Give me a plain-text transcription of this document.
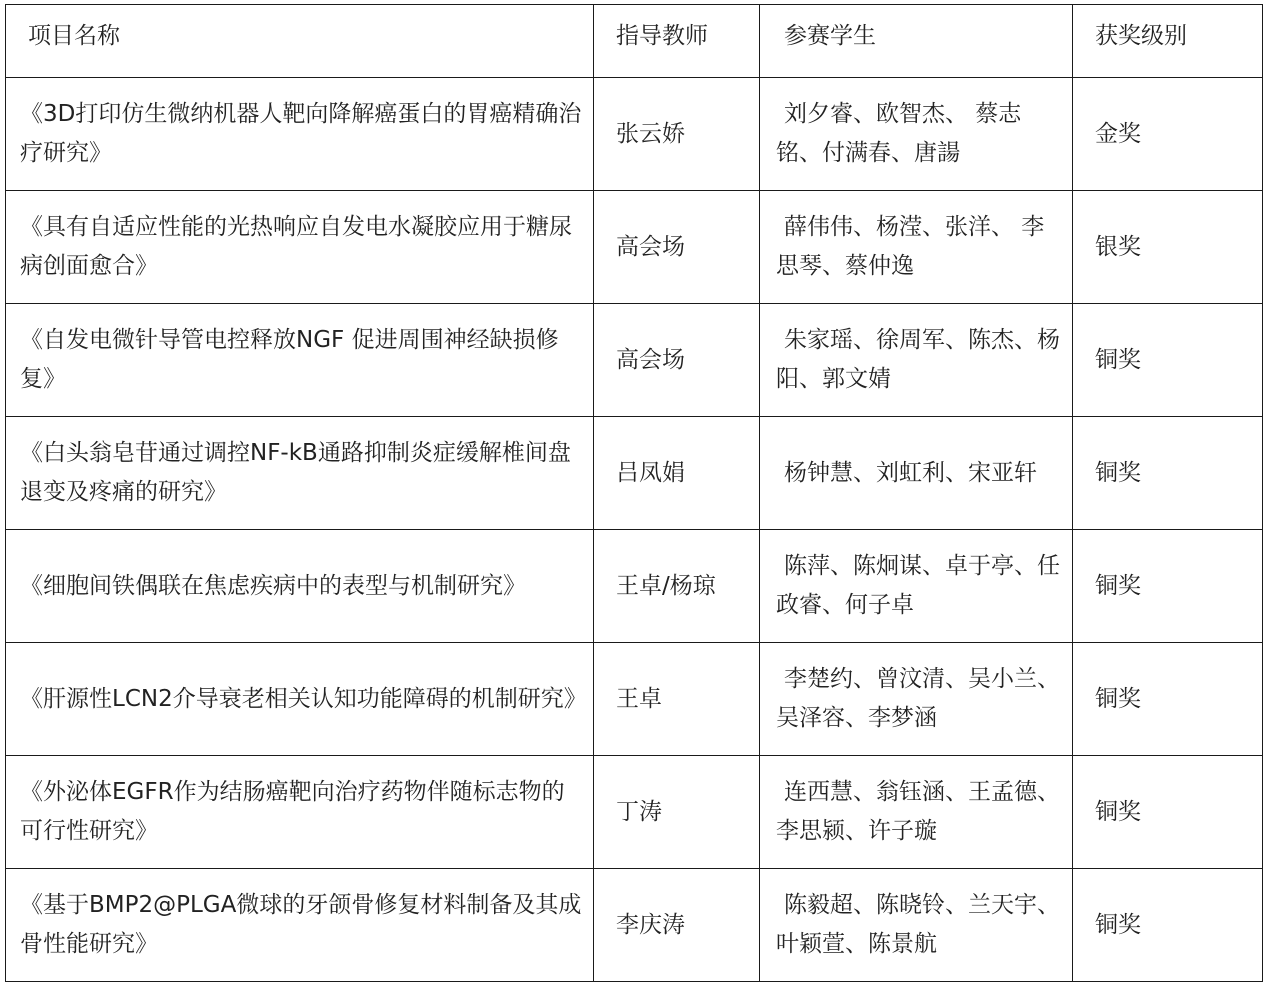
项目名称	指导教师	参赛学生	获奖级别

《3D打印仿生微纳机器人靶向降解癌蛋白的胃癌精确治疗研究》	张云娇	刘夕睿、欧智杰、 蔡志铭、付满春、唐諹	金奖

《具有自适应性能的光热响应自发电水凝胶应用于糖尿病创面愈合》	高会场	薛伟伟、杨滢、张洋、 李思琴、蔡仲逸	银奖

《自发电微针导管电控释放NGF 促进周围神经缺损修复》	高会场	朱家瑶、徐周军、陈杰、杨阳、郭文婧	铜奖

《白头翁皂苷通过调控NF-kB通路抑制炎症缓解椎间盘退变及疼痛的研究》	吕凤娟	杨钟慧、刘虹利、宋亚轩	铜奖

《细胞间铁偶联在焦虑疾病中的表型与机制研究》	王卓/杨琼	陈萍、陈炯谋、卓于亭、任政睿、何子卓	铜奖

《肝源性LCN2介导衰老相关认知功能障碍的机制研究》	王卓	李楚约、曾汶清、吴小兰、吴泽容、李梦涵	铜奖

《外泌体EGFR作为结肠癌靶向治疗药物伴随标志物的可行性研究》	丁涛	连西慧、翁钰涵、王孟德、李思颍、许子璇	铜奖

《基于BMP2@PLGA微球的牙颌骨修复材料制备及其成骨性能研究》	李庆涛	陈毅超、陈晓铃、兰天宇、叶颖萱、陈景航	铜奖
